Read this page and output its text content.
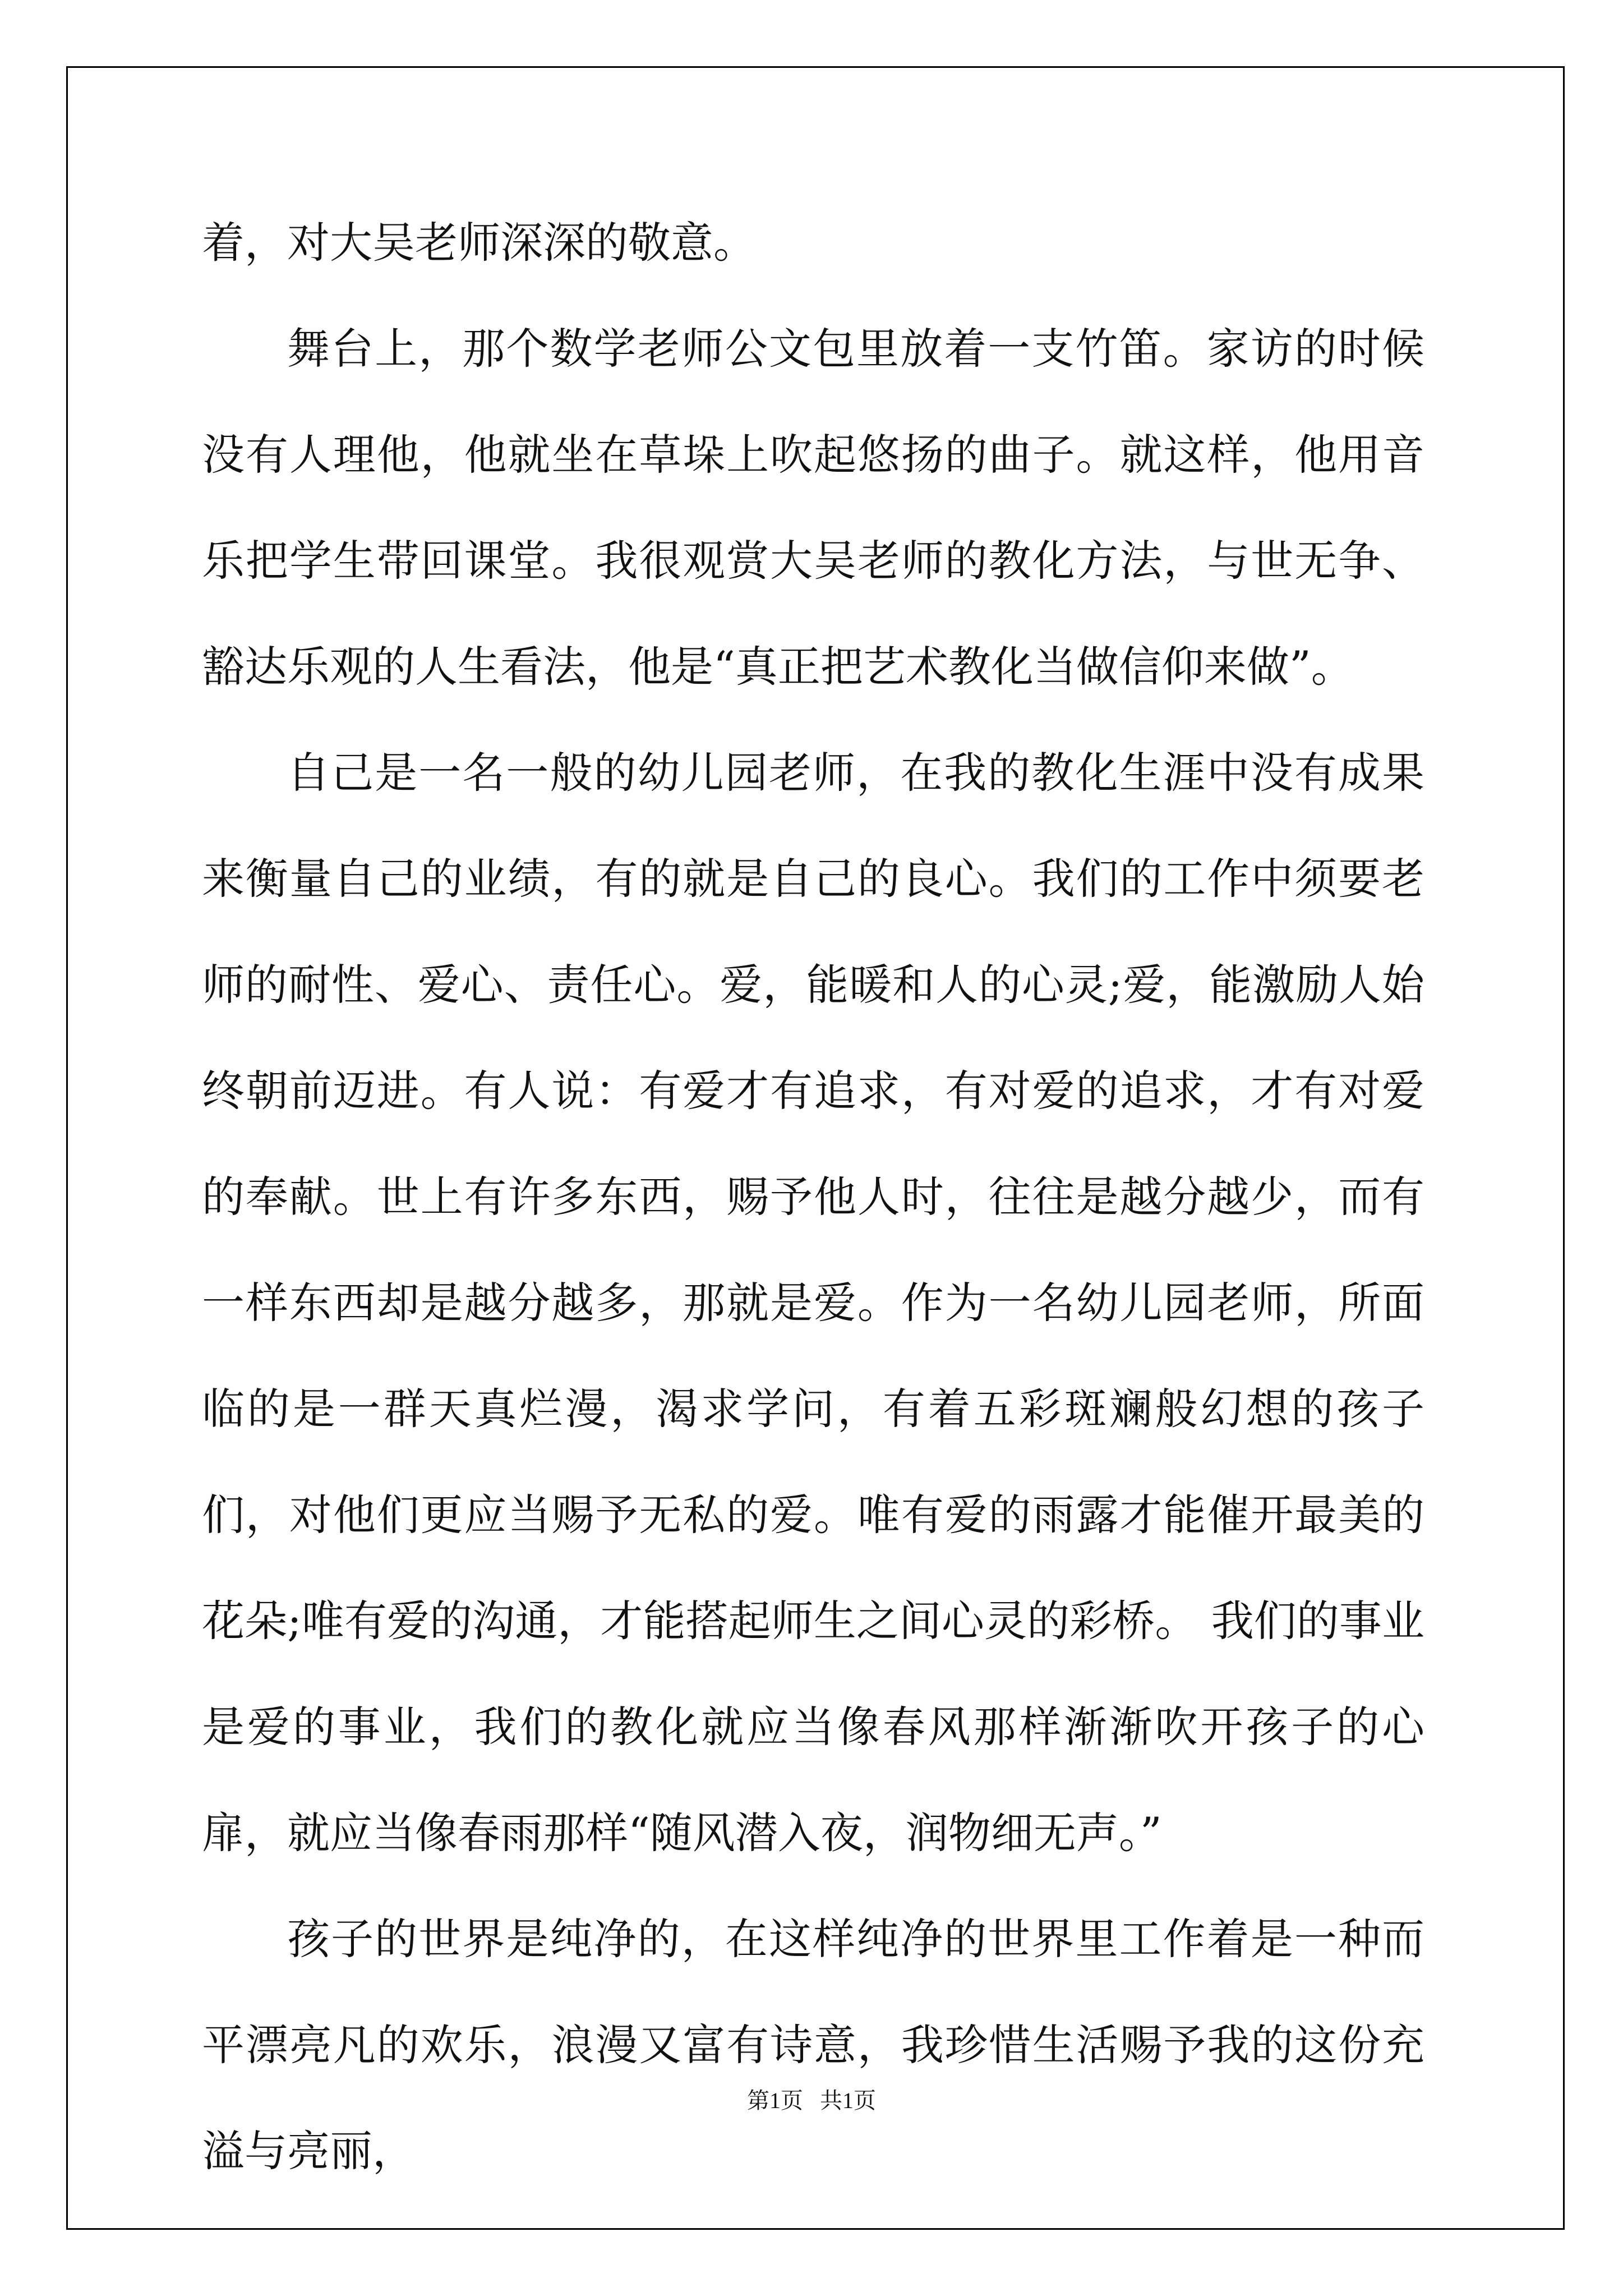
着，对大吴老师深深的敬意。

舞台上，那个数学老师公文包里放着一支竹笛。家访的时候没有人理他，他就坐在草垛上吹起悠扬的曲子。就这样，他用音乐把学生带回课堂。我很观赏大吴老师的教化方法，与世无争、豁达乐观的人生看法，他是“真正把艺术教化当做信仰来做”。

自己是一名一般的幼儿园老师，在我的教化生涯中没有成果来衡量自己的业绩，有的就是自己的良心。我们的工作中须要老师的耐性、爱心、责任心。爱，能暖和人的心灵;爱，能激励人始终朝前迈进。有人说：有爱才有追求，有对爱的追求，才有对爱的奉献。世上有许多东西，赐予他人时，往往是越分越少，而有一样东西却是越分越多，那就是爱。作为一名幼儿园老师，所面临的是一群天真烂漫，渴求学问，有着五彩斑斓般幻想的孩子们，对他们更应当赐予无私的爱。唯有爱的雨露才能催开最美的花朵;唯有爱的沟通，才能搭起师生之间心灵的彩桥。 我们的事业是爱的事业，我们的教化就应当像春风那样渐渐吹开孩子的心扉，就应当像春雨那样“随风潜入夜，润物细无声。”

孩子的世界是纯净的，在这样纯净的世界里工作着是一种而平漂亮凡的欢乐，浪漫又富有诗意，我珍惜生活赐予我的这份充溢与亮丽，

第1页   共1页
